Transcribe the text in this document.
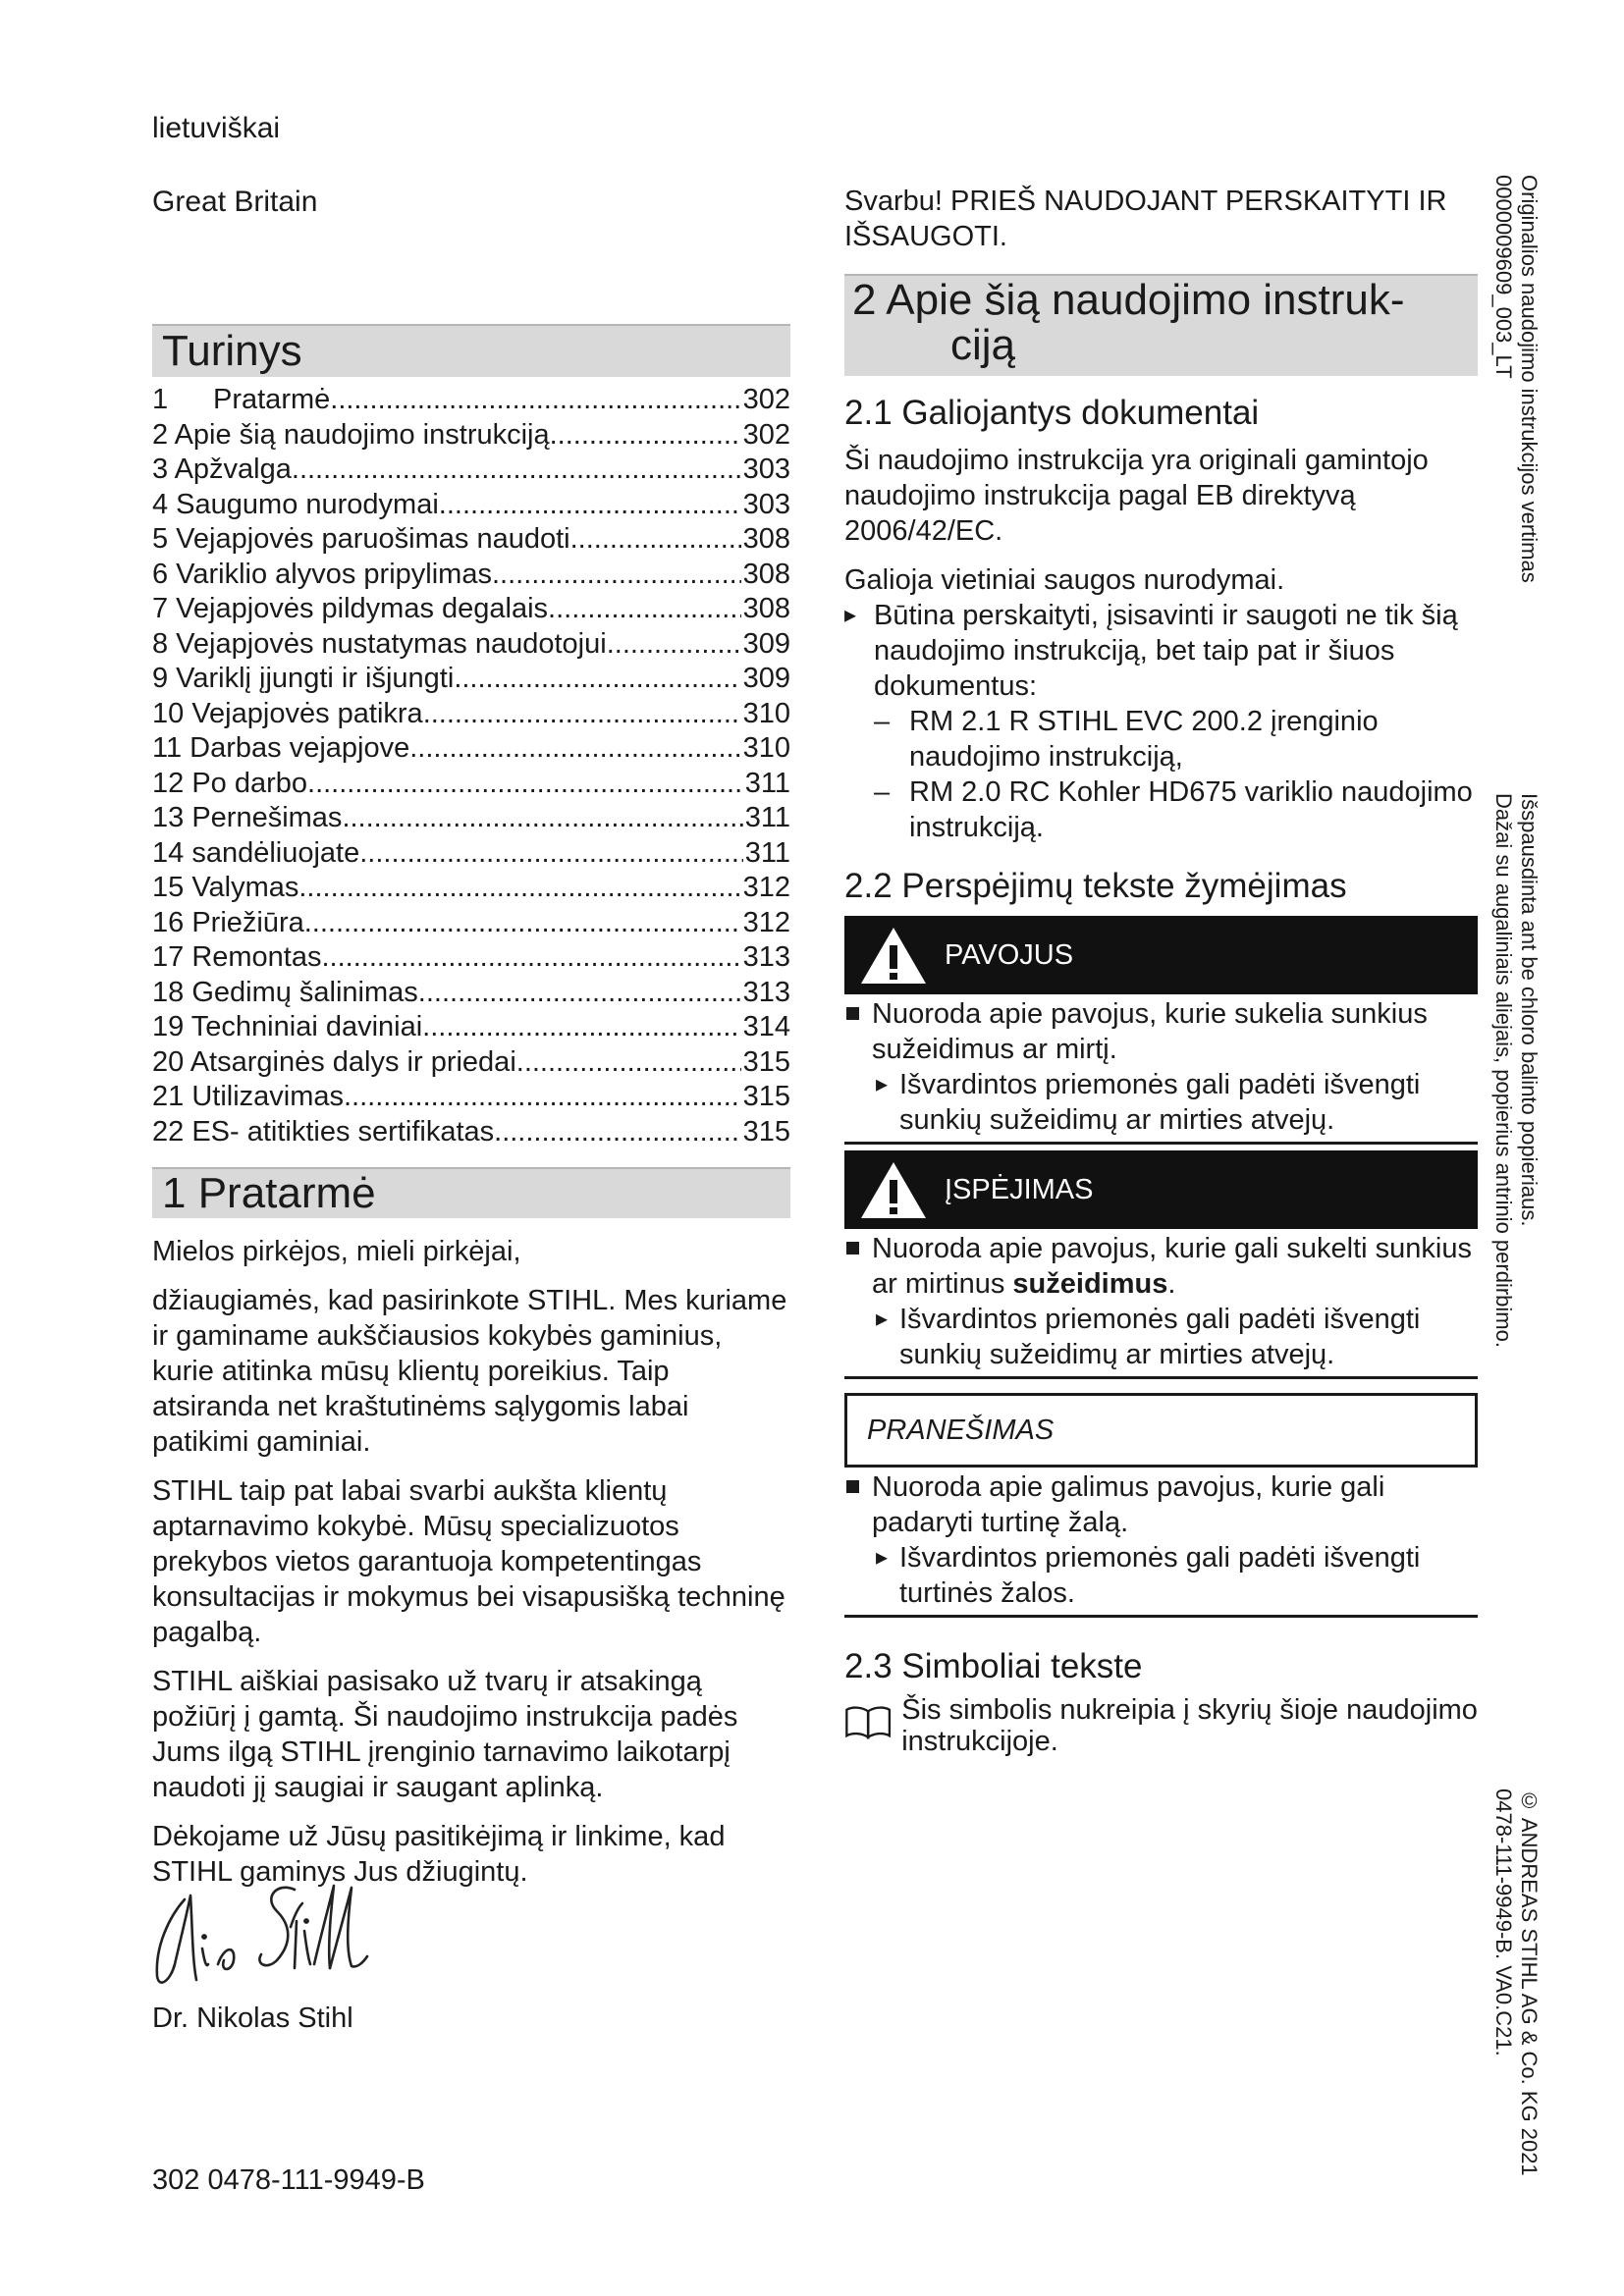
lietuviškai
Great Britain
Turinys
1 Pratarmė .....	302
2 Apie šią naudojimo instrukciją .....	302
3 Apžvalga .....	303
4 Saugumo nurodymai .....	303
5 Vejapjovės paruošimas naudoti .....	308
6 Variklio alyvos pripylimas .....	308
7 Vejapjovės pildymas degalais .....	308
8 Vejapjovės nustatymas naudotojui .....	309
9 Variklį įjungti ir išjungti .....	309
10 Vejapjovės patikra .....	310
11 Darbas vejapjove .....	310
12 Po darbo .....	311
13 Pernešimas .....	311
14 sandėliuojate .....	311
15 Valymas .....	312
16 Priežiūra .....	312
17 Remontas .....	313
18 Gedimų šalinimas .....	313
19 Techniniai daviniai .....	314
20 Atsarginės dalys ir priedai .....	315
21 Utilizavimas .....	315
22 ES- atitikties sertifikatas .....	315
1 Pratarmė

Mielos pirkėjos, mieli pirkėjai,

džiaugiamės, kad pasirinkote STIHL. Mes kuriame ir gaminame aukščiausios kokybės gaminius, kurie atitinka mūsų klientų poreikius. Taip atsiranda net kraštutinėms sąlygomis labai patikimi gaminiai.

STIHL taip pat labai svarbi aukšta klientų aptarnavimo kokybė. Mūsų specializuotos prekybos vietos garantuoja kompetentingas konsultacijas ir mokymus bei visapusišką techninę pagalbą.

STIHL aiškiai pasisako už tvarų ir atsakingą požiūrį į gamtą. Ši naudojimo instrukcija padės Jums ilgą STIHL įrenginio tarnavimo laikotarpį naudoti jį saugiai ir saugant aplinką.

Dėkojame už Jūsų pasitikėjimą ir linkime, kad STIHL gaminys Jus džiugintų.

Dr. Nikolas Stihl
302 0478-111-9949-B
Svarbu! PRIEŠ NAUDOJANT PERSKAITYTI IR IŠSAUGOTI.
2 Apie šią naudojimo instruk-
ciją
2.1 Galiojantys dokumentai

Ši naudojimo instrukcija yra originali gamintojo naudojimo instrukcija pagal EB direktyvą 2006/42/EC.

Galioja vietiniai saugos nurodymai.

▸ Būtina perskaityti, įsisavinti ir saugoti ne tik šią naudojimo instrukciją, bet taip pat ir šiuos dokumentus:
– RM 2.1 R STIHL EVC 200.2 įrenginio naudojimo instrukciją,
– RM 2.0 RC Kohler HD675 variklio naudojimo instrukciją.
2.2 Perspėjimų tekste žymėjimas
PAVOJUS
Nuoroda apie pavojus, kurie sukelia sunkius sužeidimus ar mirtį.
▸ Išvardintos priemonės gali padėti išvengti sunkių sužeidimų ar mirties atvejų.
ĮSPĖJIMAS
Nuoroda apie pavojus, kurie gali sukelti sunkius ar mirtinus sužeidimus.
▸ Išvardintos priemonės gali padėti išvengti sunkių sužeidimų ar mirties atvejų.
PRANEŠIMAS
Nuoroda apie galimus pavojus, kurie gali padaryti turtinę žalą.
▸ Išvardintos priemonės gali padėti išvengti turtinės žalos.
2.3 Simboliai tekste
Šis simbolis nukreipia į skyrių šioje naudojimo instrukcijoje.
Originalios naudojimo instrukcijos vertimas
0000009609_003_LT
Išspausdinta ant be chloro balinto popieriaus.
Dažai su augaliniais aliejais, popierius antrinio perdirbimo.
© ANDREAS STIHL AG & Co. KG 2021
0478-111-9949-B. VA0.C21.
